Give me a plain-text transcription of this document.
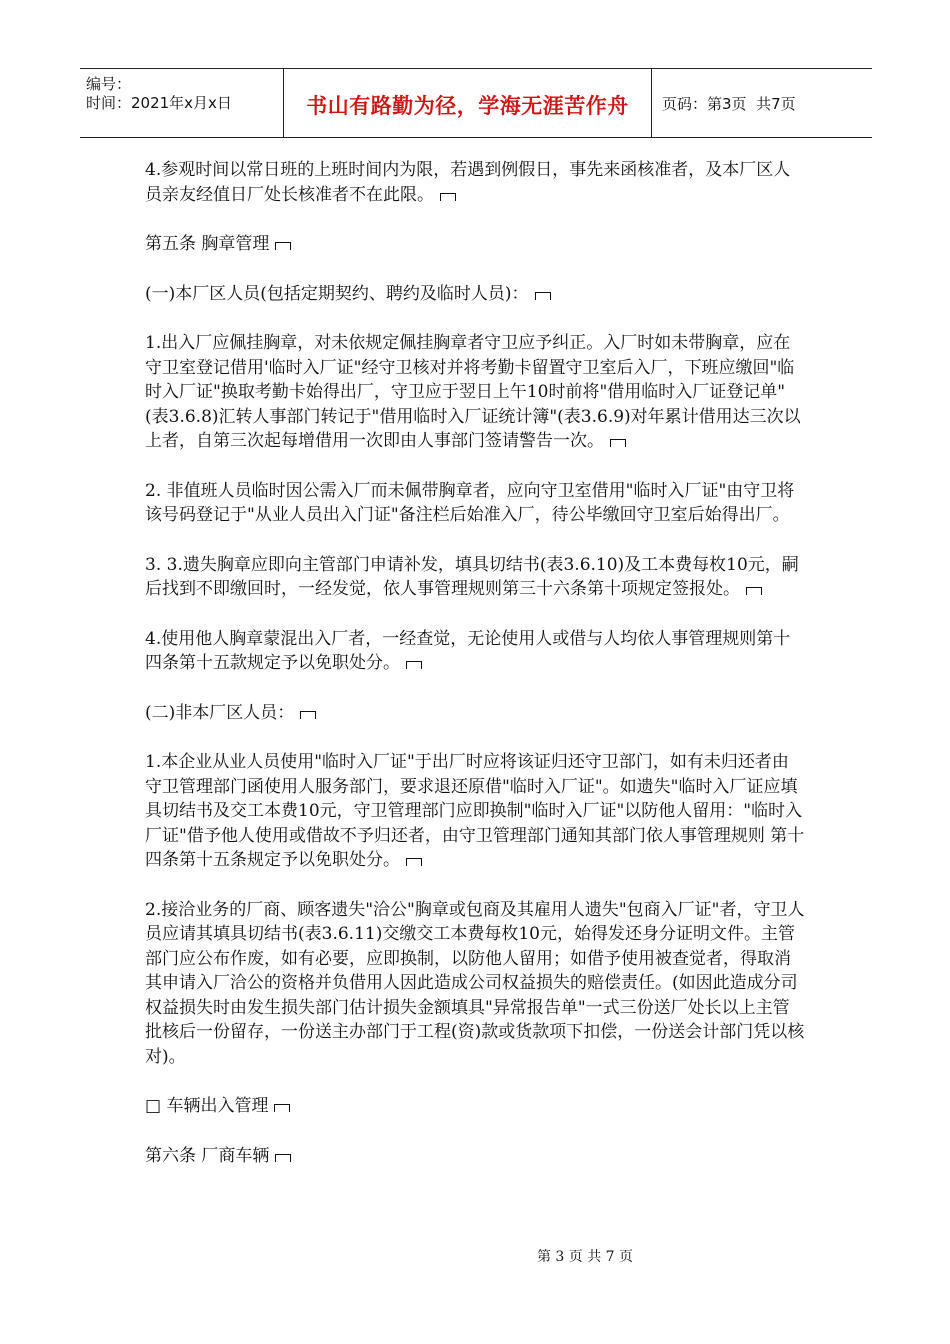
编号：
时间：2021年x月x日	书山有路勤为径，学海无涯苦作舟 页码：第3页  共7页

4.参观时间以常日班的上班时间内为限，若遇到例假日，事先来函核准者，及本厂区人员亲友经值日厂处长核准者不在此限。

第五条 胸章管理

(一)本厂区人员(包括定期契约、聘约及临时人员)：

1.出入厂应佩挂胸章，对未依规定佩挂胸章者守卫应予纠正。入厂时如未带胸章，应在守卫室登记借用'临时入厂证"经守卫核对并将考勤卡留置守卫室后入厂，下班应缴回"临时入厂证"换取考勤卡始得出厂，守卫应于翌日上午10时前将"借用临时入厂证登记单"(表3.6.8)汇转人事部门转记于"借用临时入厂证统计簿"(表3.6.9)对年累计借用达三次以上者，自第三次起每增借用一次即由人事部门签请警告一次。

2. 非值班人员临时因公需入厂而未佩带胸章者，应向守卫室借用"临时入厂证"由守卫将该号码登记于"从业人员出入门证"备注栏后始准入厂，待公毕缴回守卫室后始得出厂。

3. 3.遗失胸章应即向主管部门申请补发，填具切结书(表3.6.10)及工本费每枚10元，嗣后找到不即缴回时，一经发觉，依人事管理规则第三十六条第十项规定签报处。

4.使用他人胸章蒙混出入厂者，一经查觉，无论使用人或借与人均依人事管理规则第十四条第十五款规定予以免职处分。

(二)非本厂区人员：

1.本企业从业人员使用"临时入厂证"于出厂时应将该证归还守卫部门，如有未归还者由守卫管理部门函使用人服务部门，要求退还原借"临时入厂证"。如遗失"临时入厂证应填具切结书及交工本费10元，守卫管理部门应即换制"临时入厂证"以防他人留用："临时入厂证"借予他人使用或借故不予归还者，由守卫管理部门通知其部门依人事管理规则 第十四条第十五条规定予以免职处分。

2.接洽业务的厂商、顾客遗失"洽公"胸章或包商及其雇用人遗失"包商入厂证"者，守卫人员应请其填具切结书(表3.6.11)交缴交工本费每枚10元，始得发还身分证明文件。主管部门应公布作废，如有必要，应即换制，以防他人留用；如借予使用被查觉者，得取消其申请入厂洽公的资格并负借用人因此造成公司权益损失的赔偿责任。(如因此造成分司权益损失时由发生损失部门估计损失金额填具"异常报告单"一式三份送厂处长以上主管批核后一份留存，一份送主办部门于工程(资)款或货款项下扣偿，一份送会计部门凭以核对)。

□ 车辆出入管理

第六条 厂商车辆

第 3 页 共 7 页
